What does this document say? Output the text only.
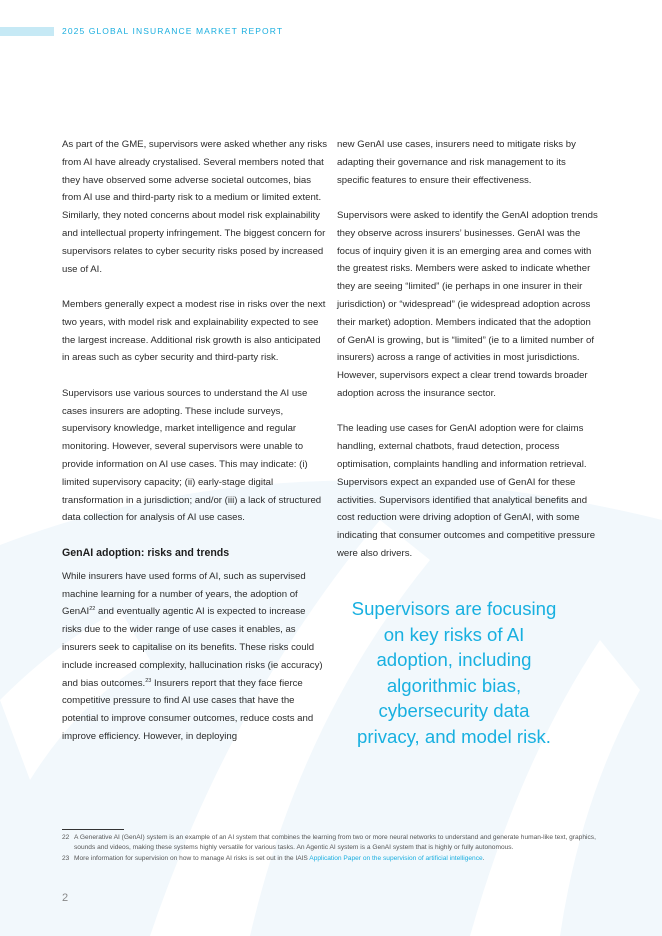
2025 GLOBAL INSURANCE MARKET REPORT

As part of the GME, supervisors were asked whether any risks from AI have already crystalised. Several members noted that they have observed some adverse societal outcomes, bias from AI use and third-party risk to a medium or limited extent. Similarly, they noted concerns about model risk explainability and intellectual property infringement. The biggest concern for supervisors relates to cyber security risks posed by increased use of AI.

Members generally expect a modest rise in risks over the next two years, with model risk and explainability expected to see the largest increase. Additional risk growth is also anticipated in areas such as cyber security and third-party risk.

Supervisors use various sources to understand the AI use cases insurers are adopting. These include surveys, supervisory knowledge, market intelligence and regular monitoring. However, several supervisors were unable to provide information on AI use cases. This may indicate: (i) limited supervisory capacity; (ii) early-stage digital transformation in a jurisdiction; and/or (iii) a lack of structured data collection for analysis of AI use cases.

GenAI adoption: risks and trends

While insurers have used forms of AI, such as supervised machine learning for a number of years, the adoption of GenAI$^{22}$ and eventually agentic AI is expected to increase risks due to the wider range of use cases it enables, as insurers seek to capitalise on its benefits. These risks could include increased complexity, hallucination risks (ie accuracy) and bias outcomes.$^{23}$ Insurers report that they face fierce competitive pressure to find AI use cases that have the potential to improve consumer outcomes, reduce costs and improve efficiency. However, in deploying

new GenAI use cases, insurers need to mitigate risks by adapting their governance and risk management to its specific features to ensure their effectiveness.

Supervisors were asked to identify the GenAI adoption trends they observe across insurers’ businesses. GenAI was the focus of inquiry given it is an emerging area and comes with the greatest risks. Members were asked to indicate whether they are seeing “limited” (ie perhaps in one insurer in their jurisdiction) or “widespread” (ie widespread adoption across their market) adoption. Members indicated that the adoption of GenAI is growing, but is “limited” (ie to a limited number of insurers) across a range of activities in most jurisdictions. However, supervisors expect a clear trend towards broader adoption across the insurance sector.

The leading use cases for GenAI adoption were for claims handling, external chatbots, fraud detection, process optimisation, complaints handling and information retrieval. Supervisors expect an expanded use of GenAI for these activities. Supervisors identified that analytical benefits and cost reduction were driving adoption of GenAI, with some indicating that consumer outcomes and competitive pressure were also drivers.

Supervisors are focusing on key risks of AI adoption, including algorithmic bias, cybersecurity data privacy, and model risk.
22 A Generative AI (GenAI) system is an example of an AI system that combines the learning from two or more neural networks to understand and generate human-like text, graphics, sounds and videos, making these systems highly versatile for various tasks. An Agentic AI system is a GenAI system that is highly or fully autonomous.
23 More information for supervision on how to manage AI risks is set out in the IAIS Application Paper on the supervision of artificial intelligence.
2
